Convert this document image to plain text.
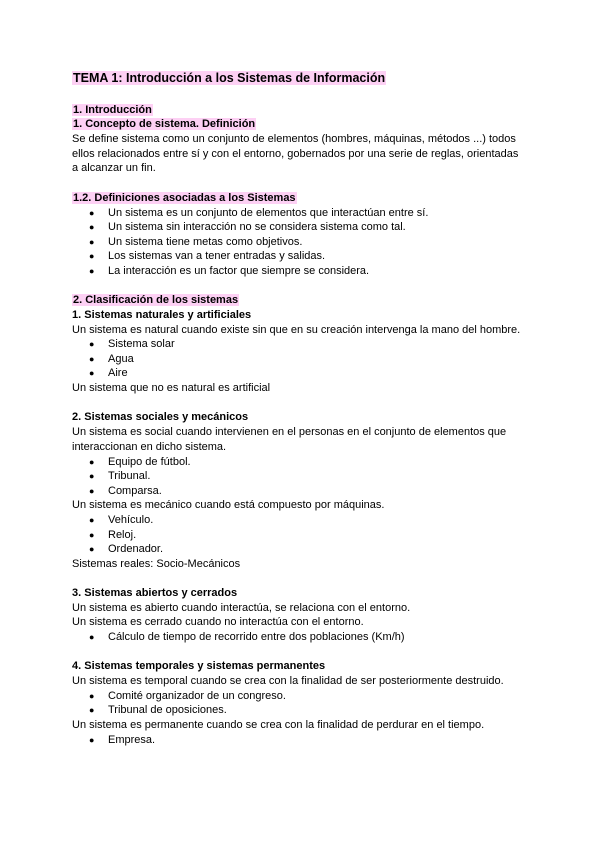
TEMA 1: Introducción a los Sistemas de Información
1. Introducción
1. Concepto de sistema. Definición
Se define sistema como un conjunto de elementos (hombres, máquinas, métodos ...) todos
ellos relacionados entre sí y con el entorno, gobernados por una serie de reglas, orientadas
a alcanzar un fin.
1.2. Definiciones asociadas a los Sistemas
● Un sistema es un conjunto de elementos que interactúan entre sí.
● Un sistema sin interacción no se considera sistema como tal.
● Un sistema tiene metas como objetivos.
● Los sistemas van a tener entradas y salidas.
● La interacción es un factor que siempre se considera.
2. Clasificación de los sistemas
1. Sistemas naturales y artificiales
Un sistema es natural cuando existe sin que en su creación intervenga la mano del hombre.
● Sistema solar
● Agua
● Aire
Un sistema que no es natural es artificial
2. Sistemas sociales y mecánicos
Un sistema es social cuando intervienen en el personas en el conjunto de elementos que
interaccionan en dicho sistema.
● Equipo de fútbol.
● Tribunal.
● Comparsa.
Un sistema es mecánico cuando está compuesto por máquinas.
● Vehículo.
● Reloj.
● Ordenador.
Sistemas reales: Socio-Mecánicos
3. Sistemas abiertos y cerrados
Un sistema es abierto cuando interactúa, se relaciona con el entorno.
Un sistema es cerrado cuando no interactúa con el entorno.
● Cálculo de tiempo de recorrido entre dos poblaciones (Km/h)
4. Sistemas temporales y sistemas permanentes
Un sistema es temporal cuando se crea con la finalidad de ser posteriormente destruido.
● Comité organizador de un congreso.
● Tribunal de oposiciones.
Un sistema es permanente cuando se crea con la finalidad de perdurar en el tiempo.
● Empresa.
